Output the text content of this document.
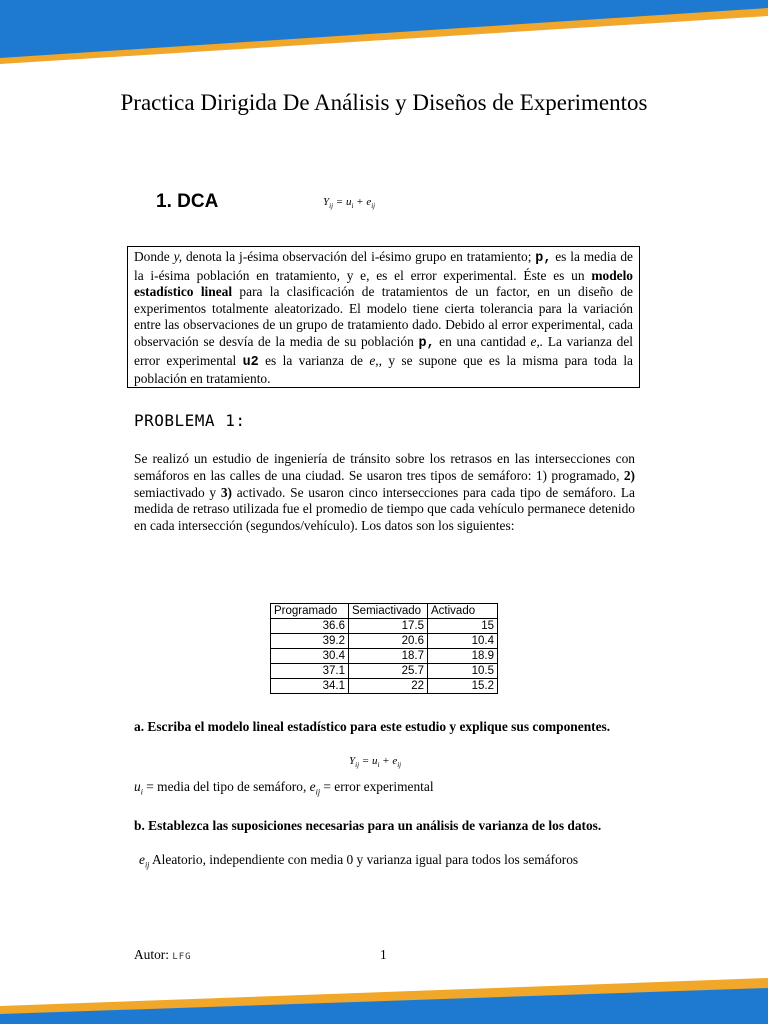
Practica Dirigida De Análisis y Diseños de Experimentos
1. DCA	$Y_{ij} = u_i + e_{ij}$
Donde y, denota la j-ésima observación del i-ésimo grupo en tratamiento; p, es la media de la i-ésima población en tratamiento, y e, es el error experimental. Éste es un modelo estadístico lineal para la clasificación de tratamientos de un factor, en un diseño de experimentos totalmente aleatorizado. El modelo tiene cierta tolerancia para la variación entre las observaciones de un grupo de tratamiento dado. Debido al error experimental, cada observación se desvía de la media de su población p, en una cantidad e,. La varianza del error experimental u2 es la varianza de e,, y se supone que es la misma para toda la población en tratamiento.
PROBLEMA 1:
Se realizó un estudio de ingeniería de tránsito sobre los retrasos en las intersecciones con semáforos en las calles de una ciudad. Se usaron tres tipos de semáforo: 1) programado, 2) semiactivado y 3) activado. Se usaron cinco intersecciones para cada tipo de semáforo. La medida de retraso utilizada fue el promedio de tiempo que cada vehículo permanece detenido en cada intersección (segundos/vehículo). Los datos son los siguientes:
Programado	Semiactivado	Activado
36.6	17.5	15
39.2	20.6	10.4
30.4	18.7	18.9
37.1	25.7	10.5
34.1	22	15.2
a. Escriba el modelo lineal estadístico para este estudio y explique sus componentes.
$Y_{ij} = u_i + e_{ij}$
$u_i$ = media del tipo de semáforo, $e_{ij}$ = error experimental
b. Establezca las suposiciones necesarias para un análisis de varianza de los datos.
$e_{ij}$ Aleatorio, independiente con media 0 y varianza igual para todos los semáforos
Autor: LFG	1
